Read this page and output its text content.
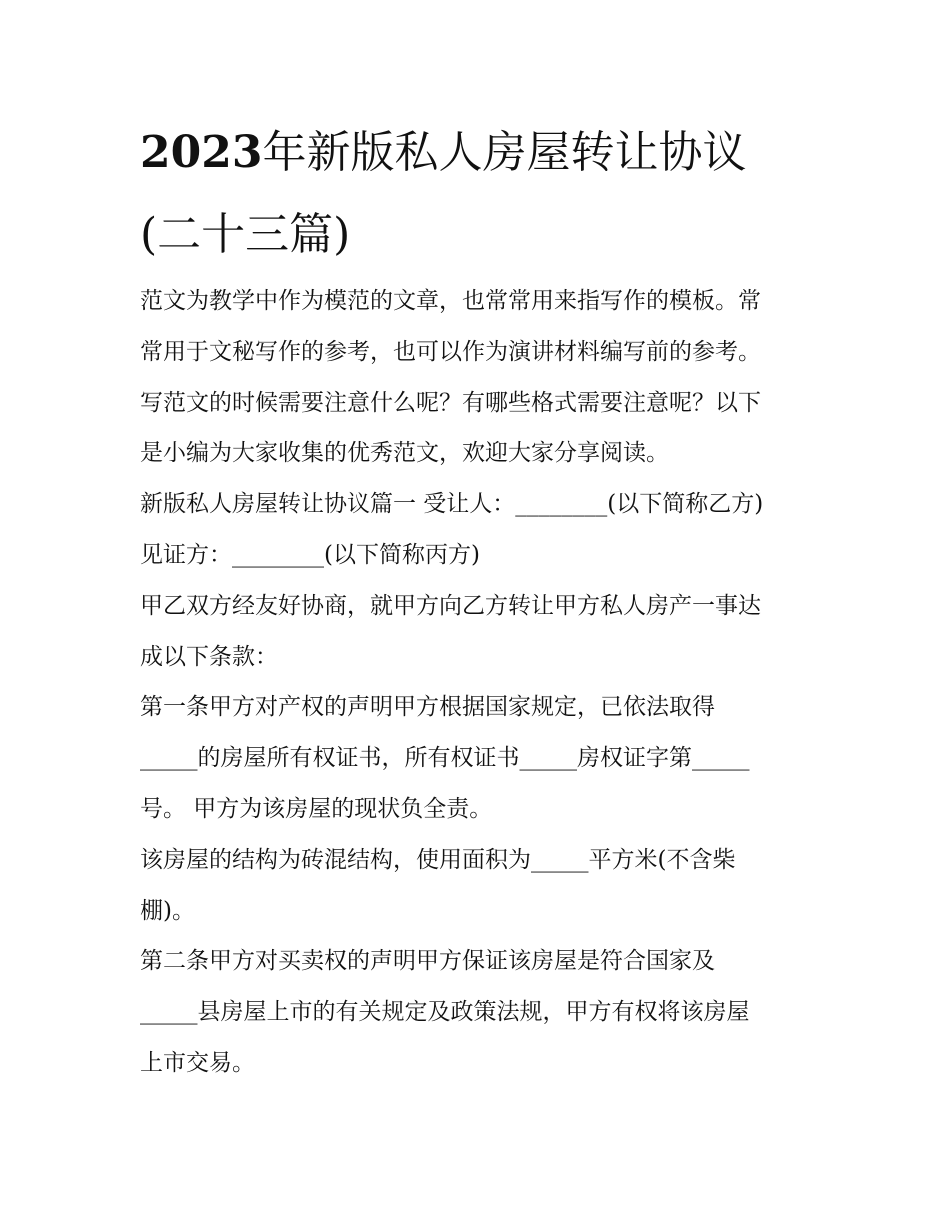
2023年新版私人房屋转让协议
(二十三篇)

范文为教学中作为模范的文章，也常常用来指写作的模板。常

常用于文秘写作的参考，也可以作为演讲材料编写前的参考。

写范文的时候需要注意什么呢？有哪些格式需要注意呢？以下

是小编为大家收集的优秀范文，欢迎大家分享阅读。

新版私人房屋转让协议篇一 受让人：________(以下简称乙方)

见证方：________(以下简称丙方)

甲乙双方经友好协商，就甲方向乙方转让甲方私人房产一事达

成以下条款：

第一条甲方对产权的声明甲方根据国家规定，已依法取得

_____的房屋所有权证书，所有权证书_____房权证字第_____

号。 甲方为该房屋的现状负全责。

该房屋的结构为砖混结构，使用面积为_____平方米(不含柴

棚)。

第二条甲方对买卖权的声明甲方保证该房屋是符合国家及

_____县房屋上市的有关规定及政策法规，甲方有权将该房屋

上市交易。
